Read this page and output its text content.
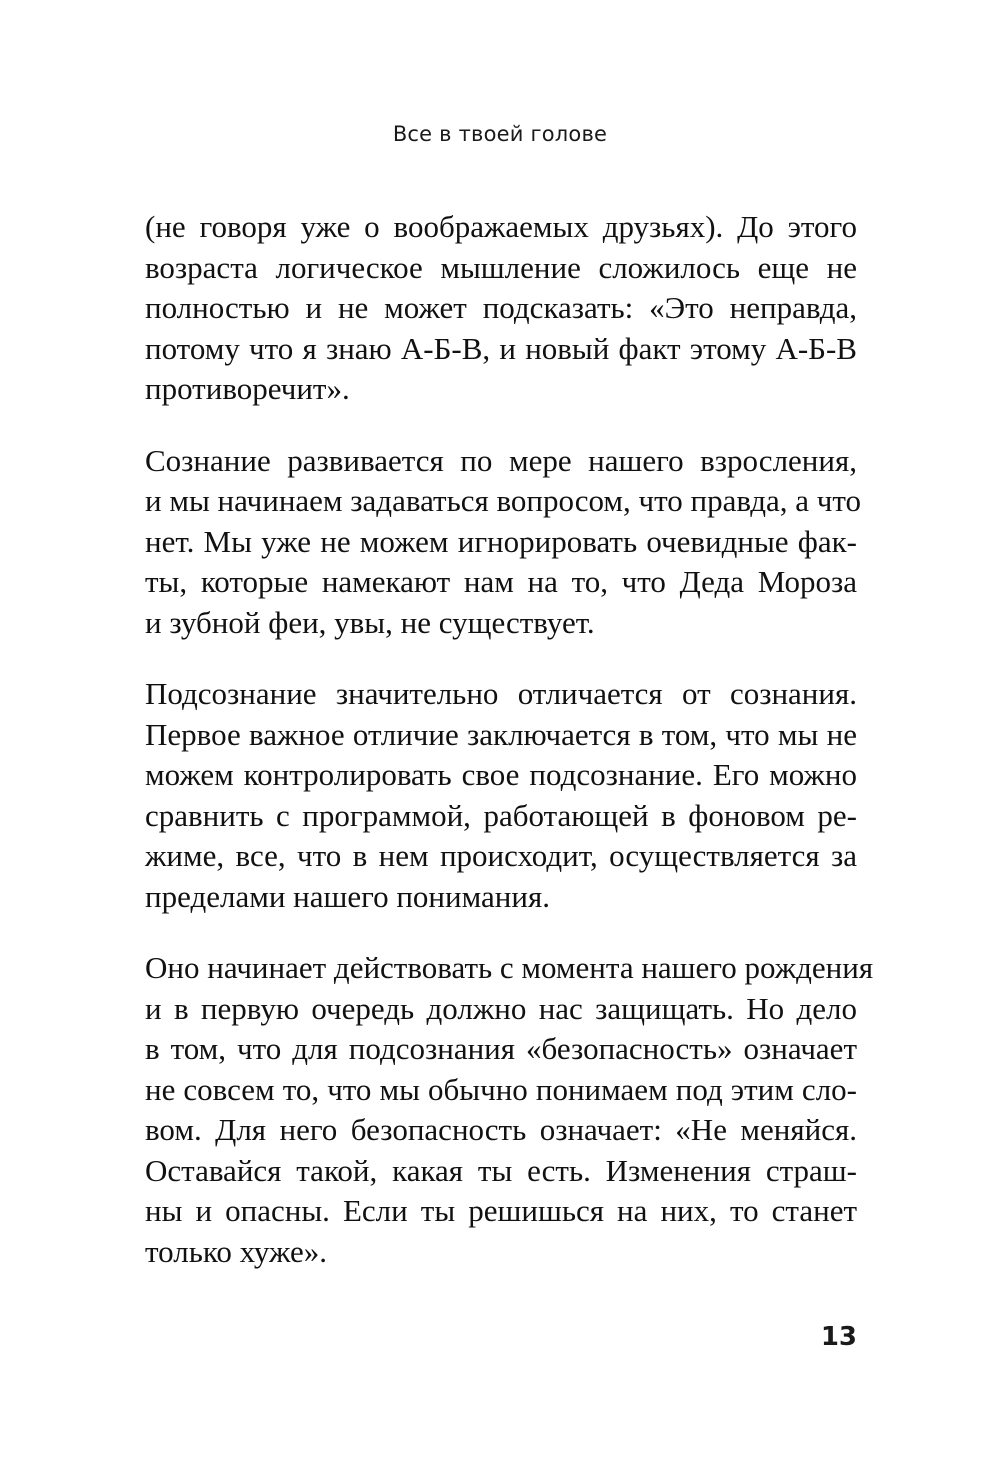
Все в твоей голове
(не говоря уже о воображаемых друзьях). До этого
возраста логическое мышление сложилось еще не
полностью и не может подсказать: «Это неправда,
потому что я знаю А-Б-В, и новый факт этому А-Б-В
противоречит».
Сознание развивается по мере нашего взросления,
и мы начинаем задаваться вопросом, что правда, а что
нет. Мы уже не можем игнорировать очевидные фак-
ты, которые намекают нам на то, что Деда Мороза
и зубной феи, увы, не существует.
Подсознание значительно отличается от сознания.
Первое важное отличие заключается в том, что мы не
можем контролировать свое подсознание. Его можно
сравнить с программой, работающей в фоновом ре-
жиме, все, что в нем происходит, осуществляется за
пределами нашего понимания.
Оно начинает действовать с момента нашего рождения
и в первую очередь должно нас защищать. Но дело
в том, что для подсознания «безопасность» означает
не совсем то, что мы обычно понимаем под этим сло-
вом. Для него безопасность означает: «Не меняйся.
Оставайся такой, какая ты есть. Изменения страш-
ны и опасны. Если ты решишься на них, то станет
только хуже».
13
